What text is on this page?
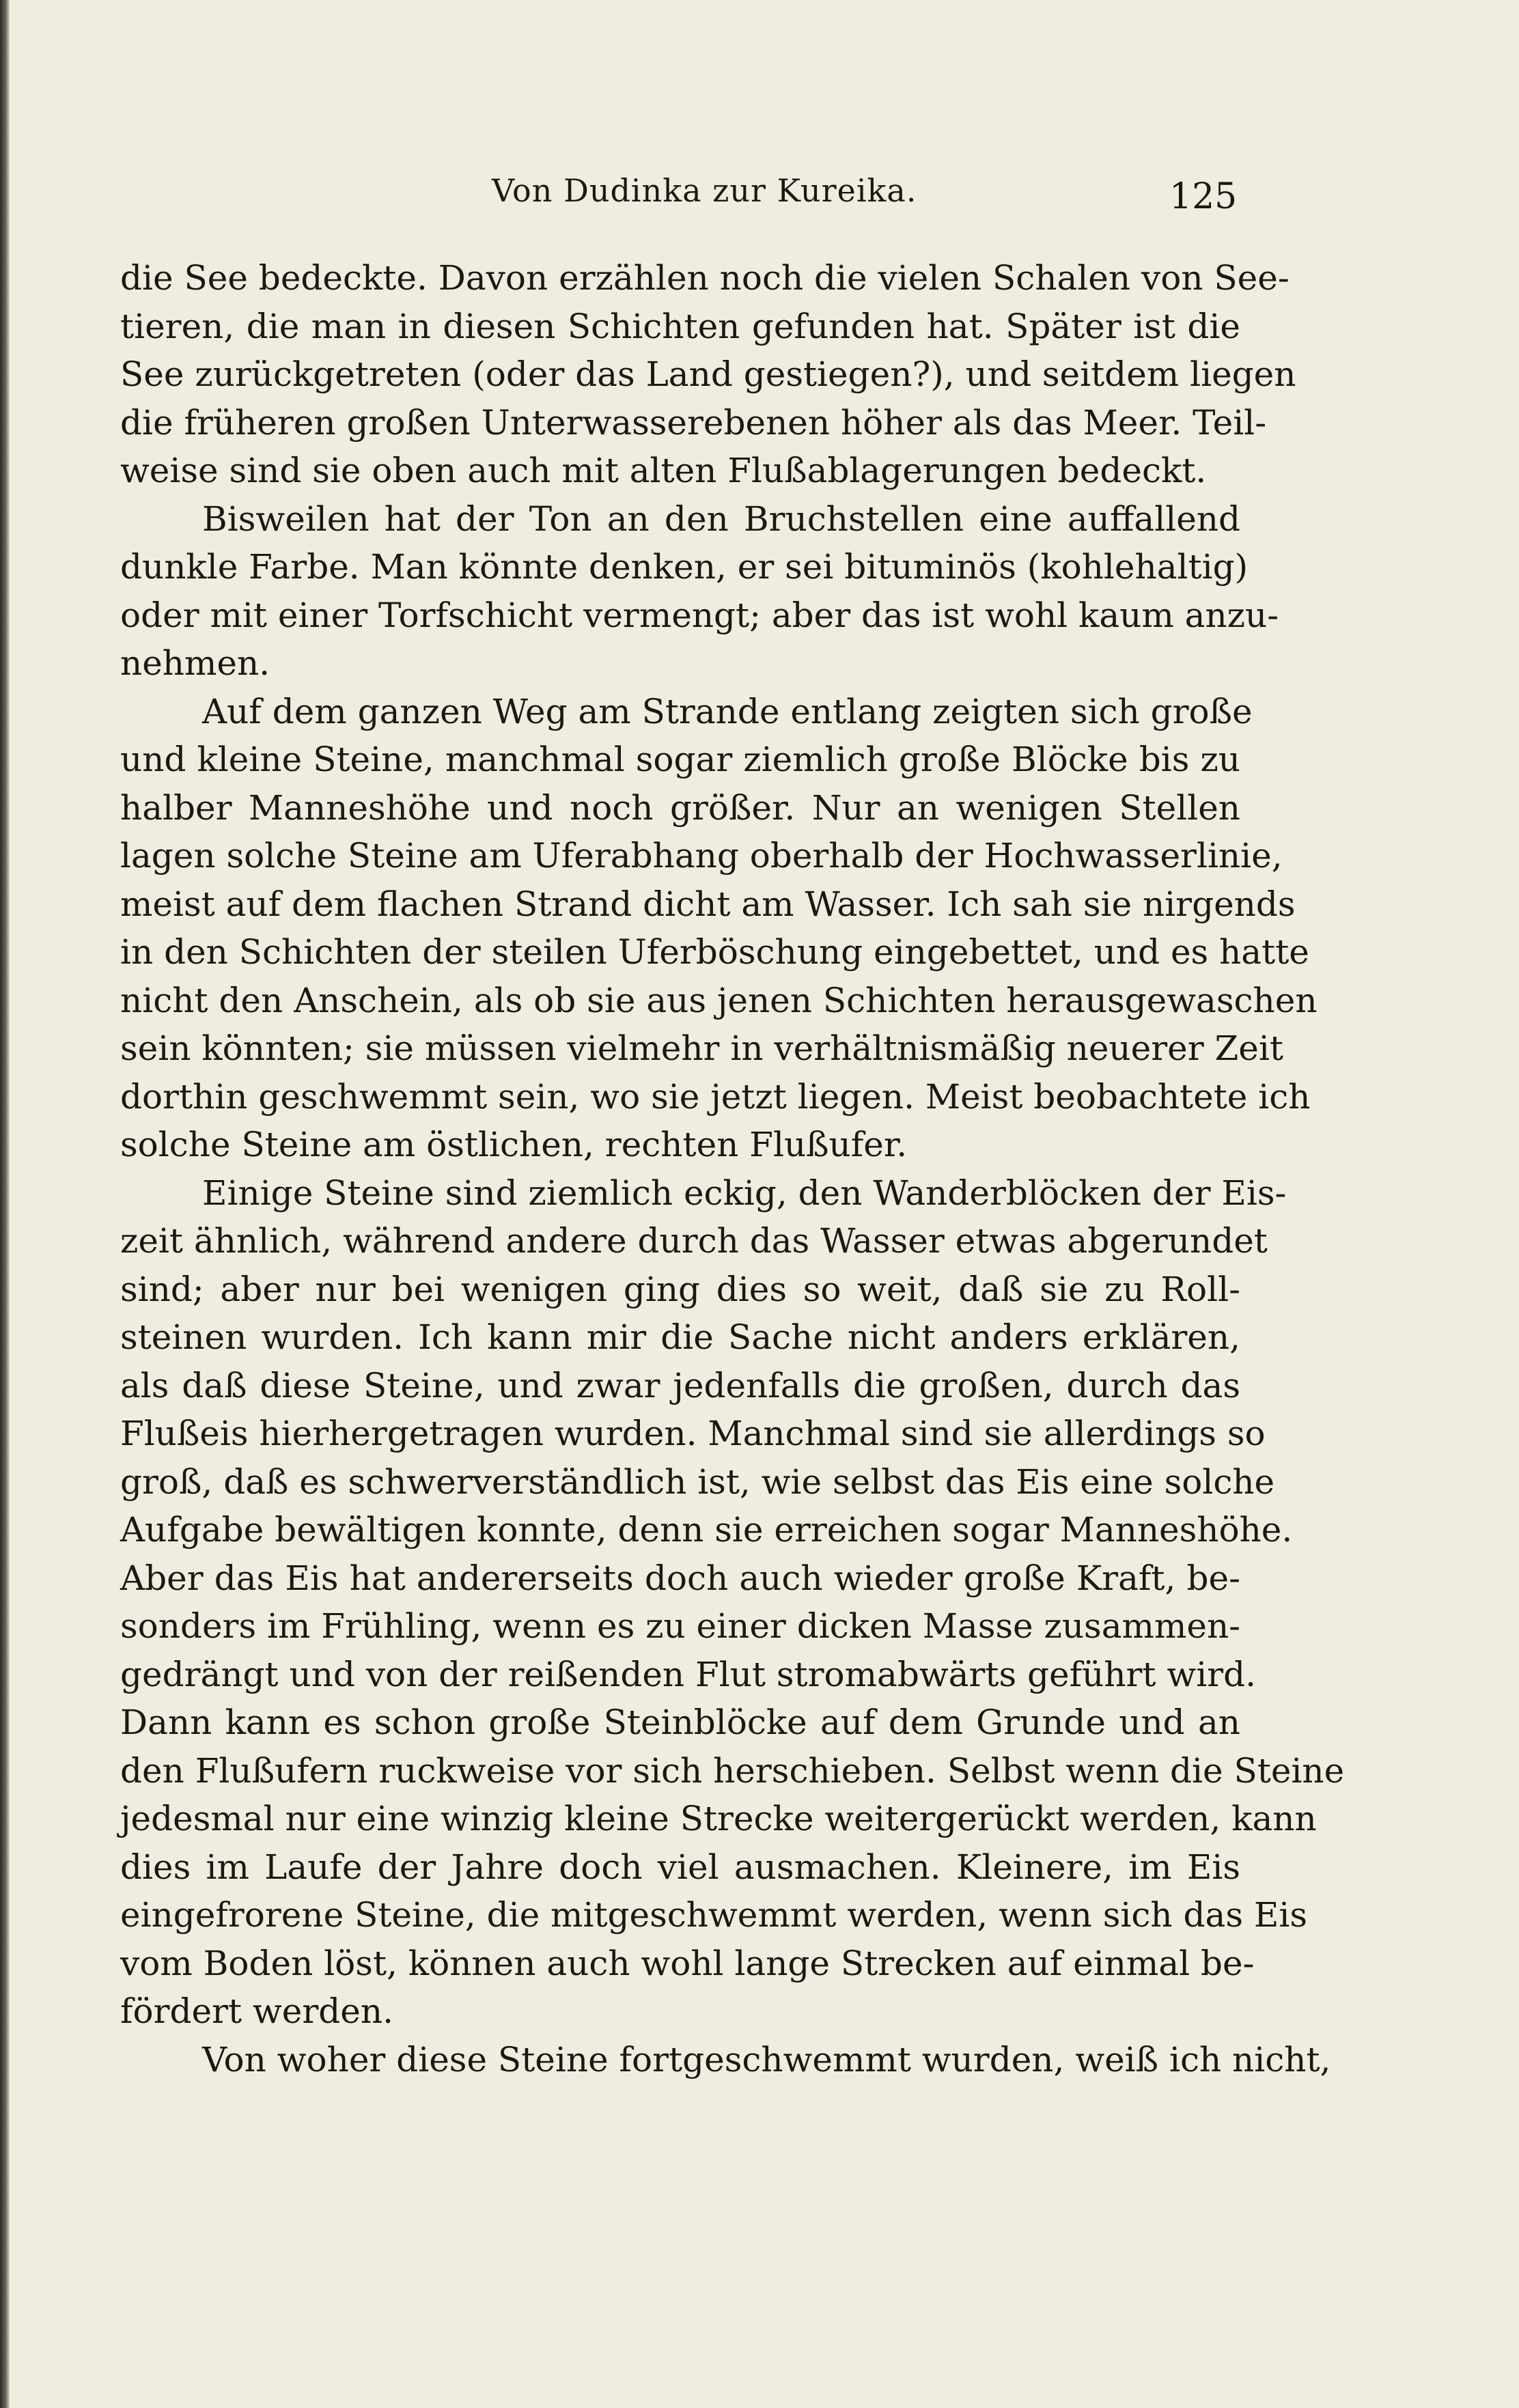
Von Dudinka zur Kureika.	125
die See bedeckte. Davon erzählen noch die vielen Schalen von See-
tieren, die man in diesen Schichten gefunden hat. Später ist die
See zurückgetreten (oder das Land gestiegen?), und seitdem liegen
die früheren großen Unterwasserebenen höher als das Meer. Teil-
weise sind sie oben auch mit alten Flußablagerungen bedeckt.
Bisweilen hat der Ton an den Bruchstellen eine auffallend
dunkle Farbe. Man könnte denken, er sei bituminös (kohlehaltig)
oder mit einer Torfschicht vermengt; aber das ist wohl kaum anzu-
nehmen.
Auf dem ganzen Weg am Strande entlang zeigten sich große
und kleine Steine, manchmal sogar ziemlich große Blöcke bis zu
halber Manneshöhe und noch größer. Nur an wenigen Stellen
lagen solche Steine am Uferabhang oberhalb der Hochwasserlinie,
meist auf dem flachen Strand dicht am Wasser. Ich sah sie nirgends
in den Schichten der steilen Uferböschung eingebettet, und es hatte
nicht den Anschein, als ob sie aus jenen Schichten herausgewaschen
sein könnten; sie müssen vielmehr in verhältnismäßig neuerer Zeit
dorthin geschwemmt sein, wo sie jetzt liegen. Meist beobachtete ich
solche Steine am östlichen, rechten Flußufer.
Einige Steine sind ziemlich eckig, den Wanderblöcken der Eis-
zeit ähnlich, während andere durch das Wasser etwas abgerundet
sind; aber nur bei wenigen ging dies so weit, daß sie zu Roll-
steinen wurden. Ich kann mir die Sache nicht anders erklären,
als daß diese Steine, und zwar jedenfalls die großen, durch das
Flußeis hierhergetragen wurden. Manchmal sind sie allerdings so
groß, daß es schwerverständlich ist, wie selbst das Eis eine solche
Aufgabe bewältigen konnte, denn sie erreichen sogar Manneshöhe.
Aber das Eis hat andererseits doch auch wieder große Kraft, be-
sonders im Frühling, wenn es zu einer dicken Masse zusammen-
gedrängt und von der reißenden Flut stromabwärts geführt wird.
Dann kann es schon große Steinblöcke auf dem Grunde und an
den Flußufern ruckweise vor sich herschieben. Selbst wenn die Steine
jedesmal nur eine winzig kleine Strecke weitergerückt werden, kann
dies im Laufe der Jahre doch viel ausmachen. Kleinere, im Eis
eingefrorene Steine, die mitgeschwemmt werden, wenn sich das Eis
vom Boden löst, können auch wohl lange Strecken auf einmal be-
fördert werden.
Von woher diese Steine fortgeschwemmt wurden, weiß ich nicht,
